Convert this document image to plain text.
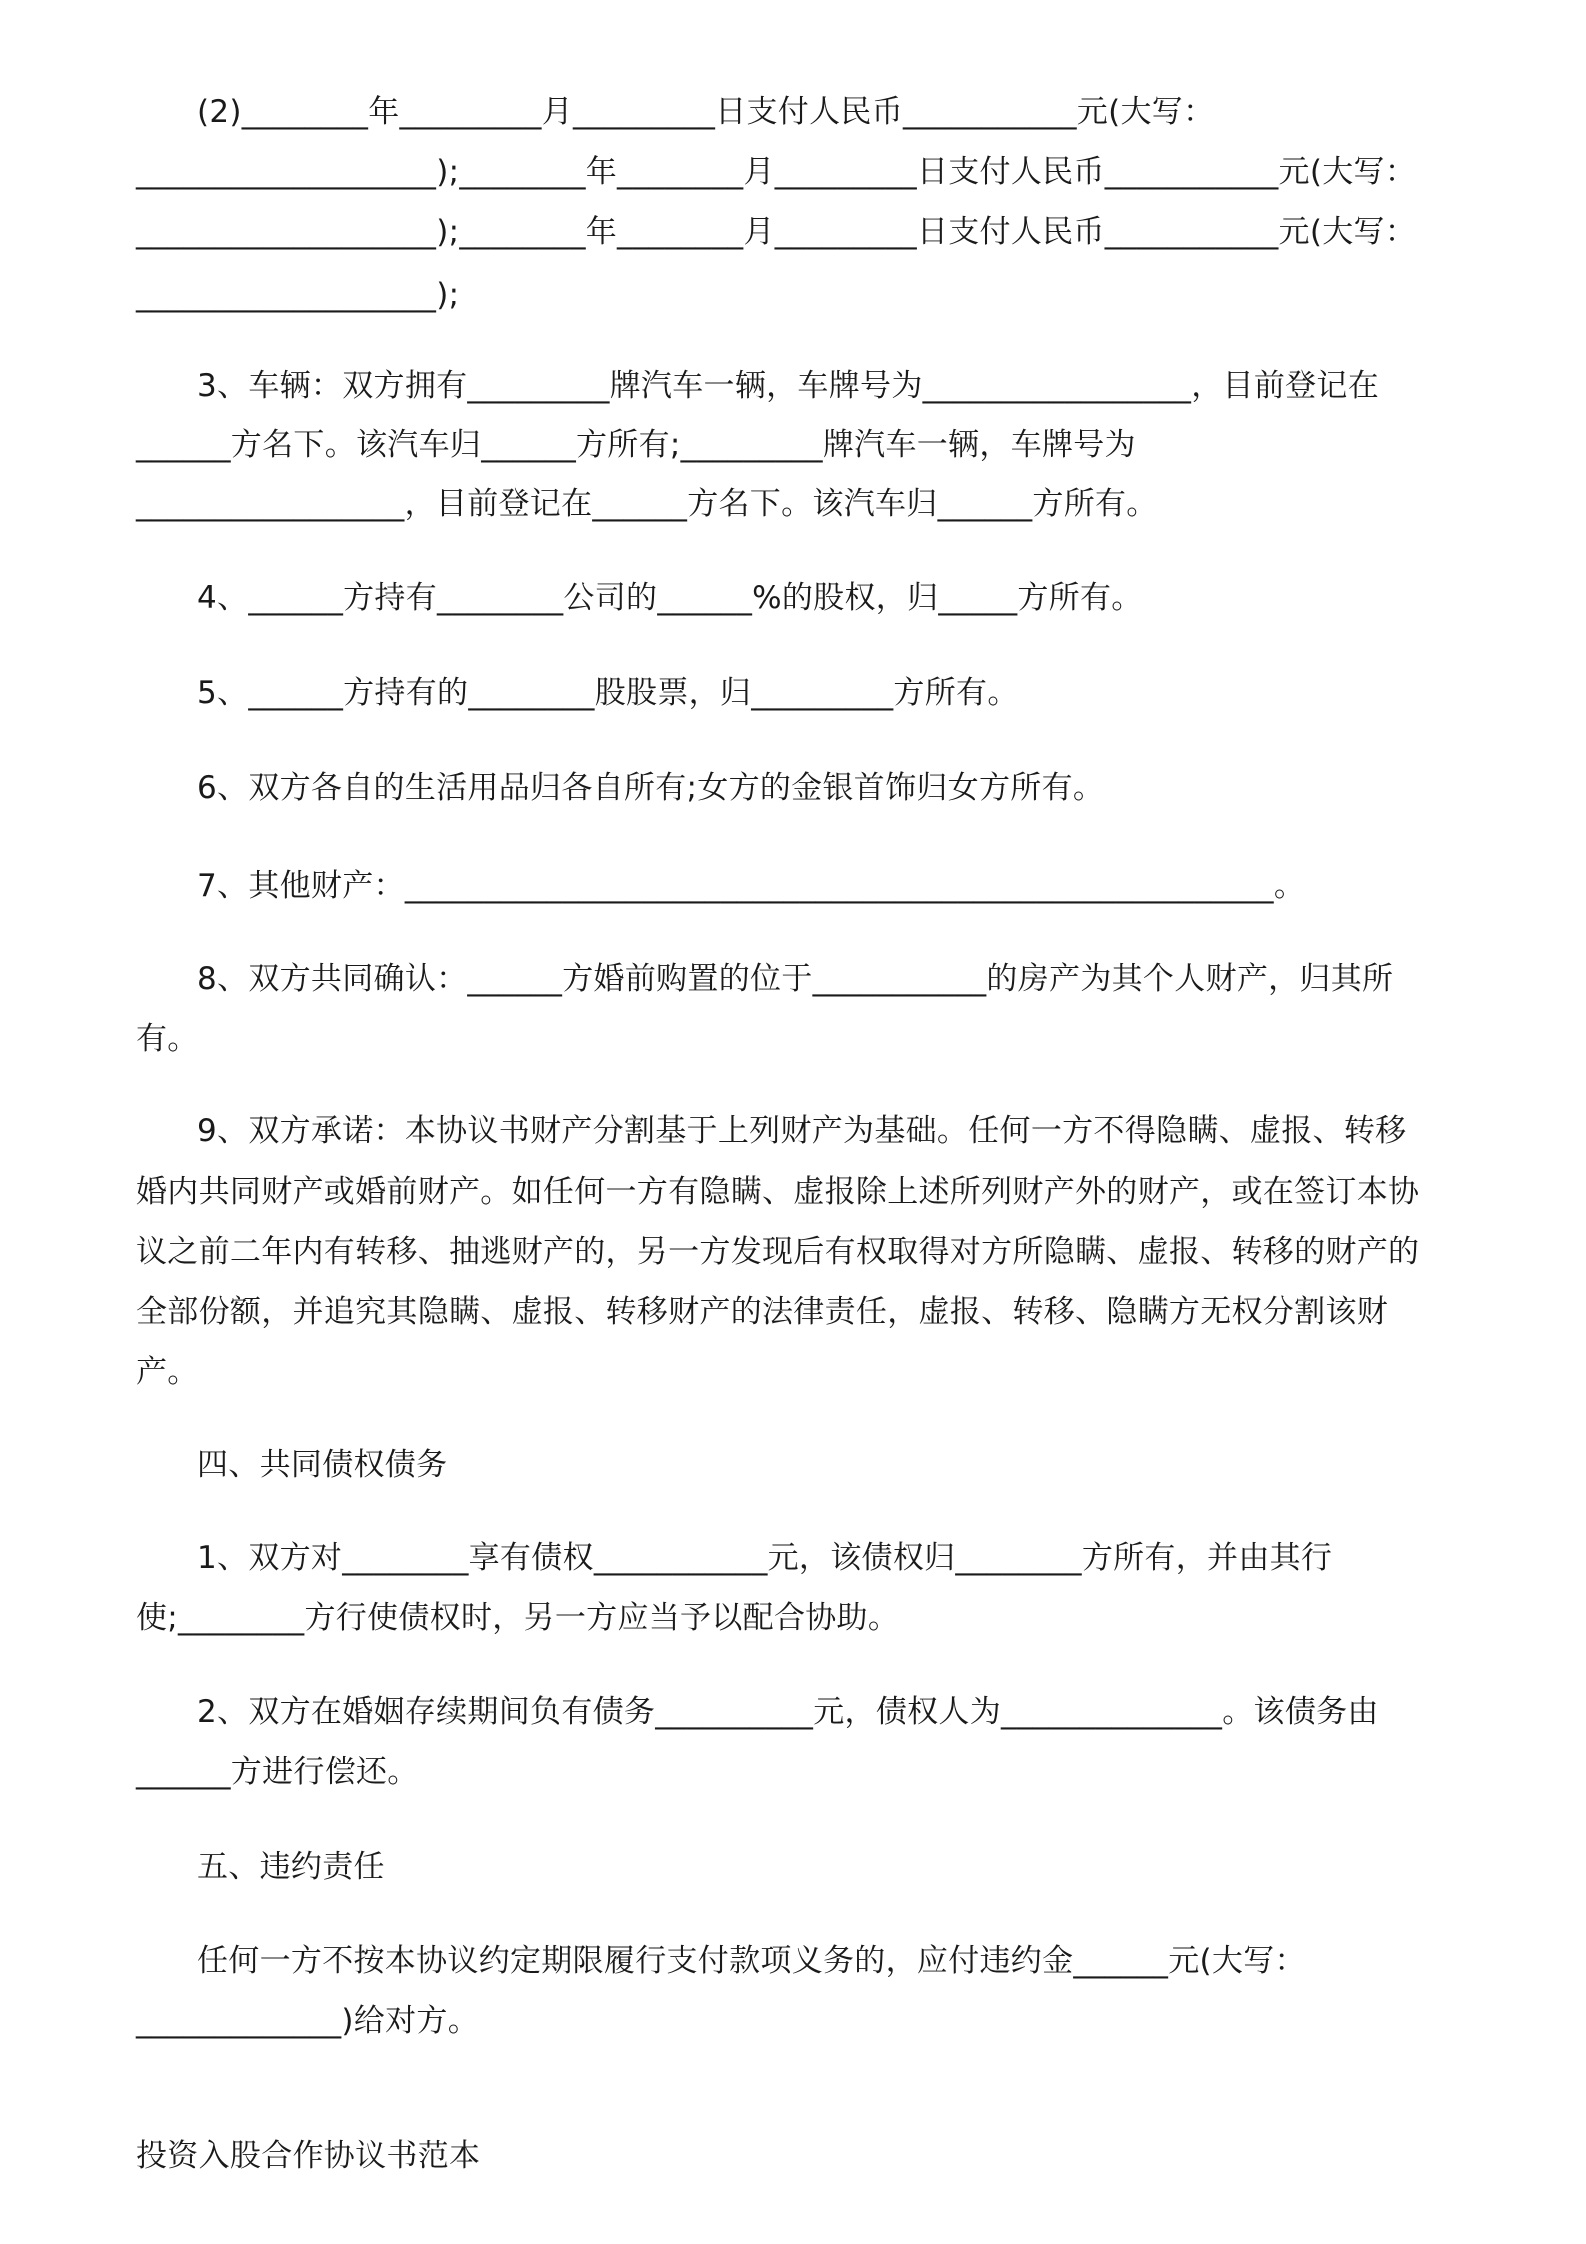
(2)________年_________月_________日支付人民币___________元(大写：
___________________);________年________月_________日支付人民币___________元(大写：
___________________);________年________月_________日支付人民币___________元(大写：
___________________);
3、车辆：双方拥有_________牌汽车一辆，车牌号为_________________，目前登记在
______方名下。该汽车归______方所有;_________牌汽车一辆，车牌号为
_________________，目前登记在______方名下。该汽车归______方所有。
4、______方持有________公司的______%的股权，归_____方所有。
5、______方持有的________股股票，归_________方所有。
6、双方各自的生活用品归各自所有;女方的金银首饰归女方所有。
7、其他财产：_______________________________________________________。
8、双方共同确认：______方婚前购置的位于___________的房产为其个人财产，归其所
有。
9、双方承诺：本协议书财产分割基于上列财产为基础。任何一方不得隐瞒、虚报、转移
婚内共同财产或婚前财产。如任何一方有隐瞒、虚报除上述所列财产外的财产，或在签订本协
议之前二年内有转移、抽逃财产的，另一方发现后有权取得对方所隐瞒、虚报、转移的财产的
全部份额，并追究其隐瞒、虚报、转移财产的法律责任，虚报、转移、隐瞒方无权分割该财
产。
四、共同债权债务
1、双方对________享有债权___________元，该债权归________方所有，并由其行
使;________方行使债权时，另一方应当予以配合协助。
2、双方在婚姻存续期间负有债务__________元，债权人为______________。该债务由
______方进行偿还。
五、违约责任
任何一方不按本协议约定期限履行支付款项义务的，应付违约金______元(大写：
_____________)给对方。
投资入股合作协议书范本
